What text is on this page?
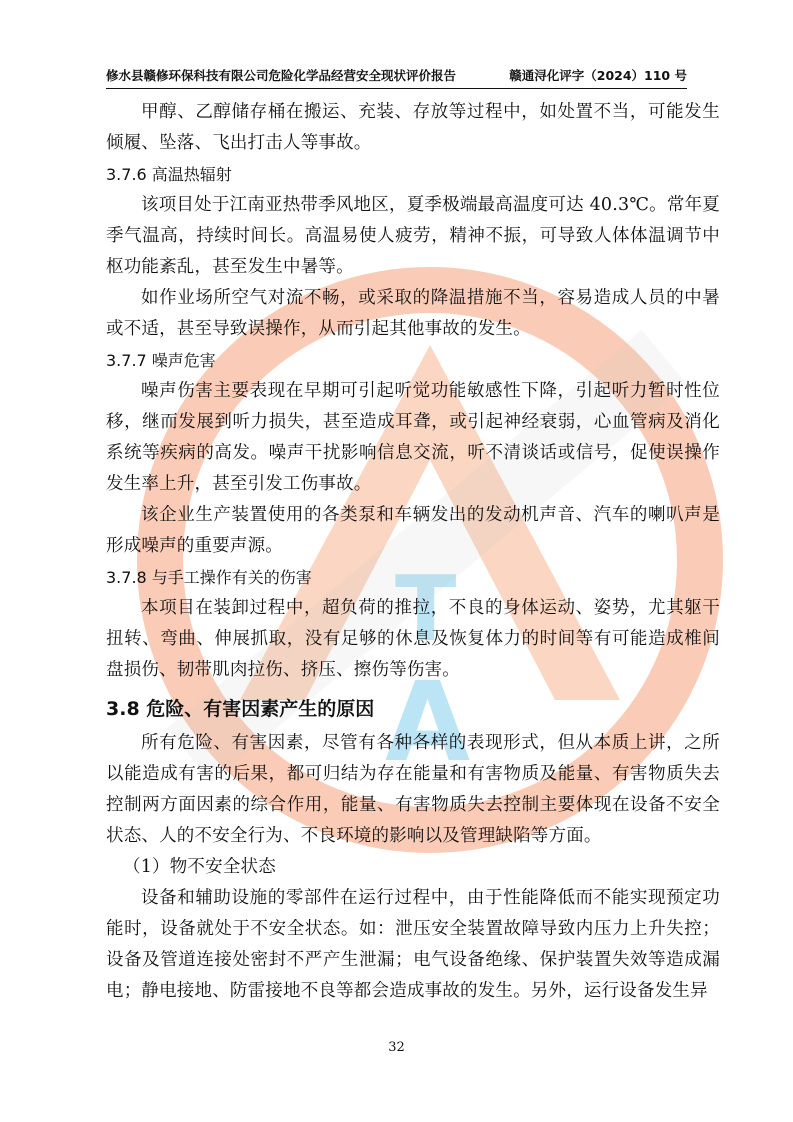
T
A
修水县赣修环保科技有限公司危险化学品经营安全现状评价报告	赣通浔化评字（2024）110 号

甲醇、乙醇储存桶在搬运、充装、存放等过程中，如处置不当，可能发生倾履、坠落、飞出打击人等事故。

3.7.6 高温热辐射

该项目处于江南亚热带季风地区，夏季极端最高温度可达 40.3℃。常年夏季气温高，持续时间长。高温易使人疲劳，精神不振，可导致人体体温调节中枢功能紊乱，甚至发生中暑等。

如作业场所空气对流不畅，或采取的降温措施不当，容易造成人员的中暑或不适，甚至导致误操作，从而引起其他事故的发生。

3.7.7 噪声危害

噪声伤害主要表现在早期可引起听觉功能敏感性下降，引起听力暂时性位移，继而发展到听力损失，甚至造成耳聋，或引起神经衰弱，心血管病及消化系统等疾病的高发。噪声干扰影响信息交流，听不清谈话或信号，促使误操作发生率上升，甚至引发工伤事故。

该企业生产装置使用的各类泵和车辆发出的发动机声音、汽车的喇叭声是形成噪声的重要声源。

3.7.8 与手工操作有关的伤害

本项目在装卸过程中，超负荷的推拉，不良的身体运动、姿势，尤其躯干扭转、弯曲、伸展抓取，没有足够的休息及恢复体力的时间等有可能造成椎间盘损伤、韧带肌肉拉伤、挤压、擦伤等伤害。

3.8 危险、有害因素产生的原因

所有危险、有害因素，尽管有各种各样的表现形式，但从本质上讲，之所以能造成有害的后果，都可归结为存在能量和有害物质及能量、有害物质失去控制两方面因素的综合作用，能量、有害物质失去控制主要体现在设备不安全状态、人的不安全行为、不良环境的影响以及管理缺陷等方面。

（1）物不安全状态

设备和辅助设施的零部件在运行过程中，由于性能降低而不能实现预定功能时，设备就处于不安全状态。如：泄压安全装置故障导致内压力上升失控；设备及管道连接处密封不严产生泄漏；电气设备绝缘、保护装置失效等造成漏电；静电接地、防雷接地不良等都会造成事故的发生。另外，运行设备发生异

32
